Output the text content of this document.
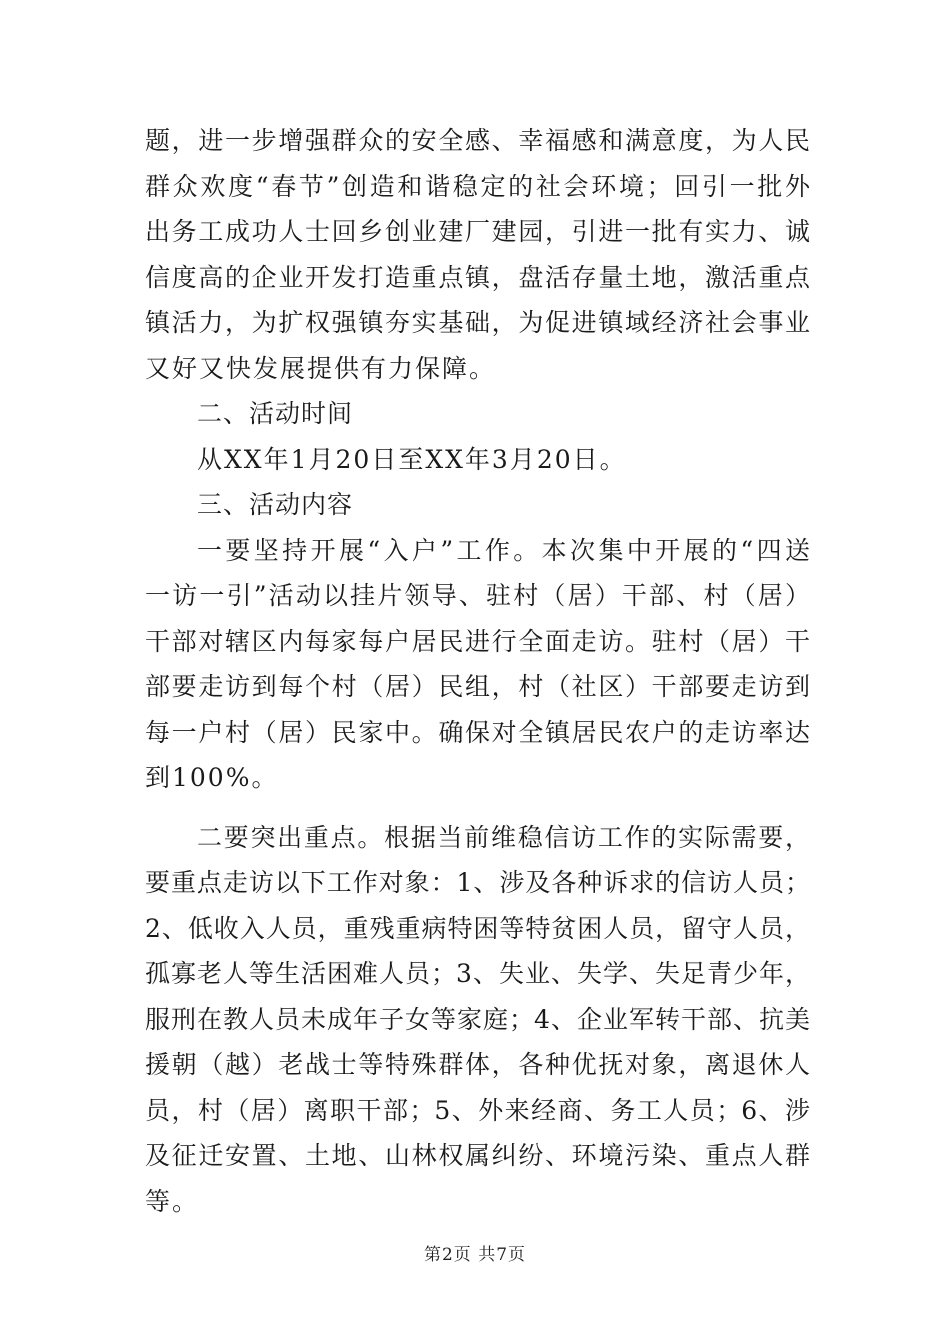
题，进一步增强群众的安全感、幸福感和满意度，为人民
群众欢度“春节”创造和谐稳定的社会环境；回引一批外
出务工成功人士回乡创业建厂建园，引进一批有实力、诚
信度高的企业开发打造重点镇，盘活存量土地，激活重点
镇活力，为扩权强镇夯实基础，为促进镇域经济社会事业
又好又快发展提供有力保障。
二、活动时间
从XX年1月20日至XX年3月20日。
三、活动内容
一要坚持开展“入户”工作。本次集中开展的“四送
一访一引”活动以挂片领导、驻村（居）干部、村（居）
干部对辖区内每家每户居民进行全面走访。驻村（居）干
部要走访到每个村（居）民组，村（社区）干部要走访到
每一户村（居）民家中。确保对全镇居民农户的走访率达
到100%。
二要突出重点。根据当前维稳信访工作的实际需要，
要重点走访以下工作对象：1、涉及各种诉求的信访人员；
2、低收入人员，重残重病特困等特贫困人员，留守人员，
孤寡老人等生活困难人员；3、失业、失学、失足青少年，
服刑在教人员未成年子女等家庭；4、企业军转干部、抗美
援朝（越）老战士等特殊群体，各种优抚对象，离退休人
员，村（居）离职干部；5、外来经商、务工人员；6、涉
及征迁安置、土地、山林权属纠纷、环境污染、重点人群
等。
第2页 共7页
